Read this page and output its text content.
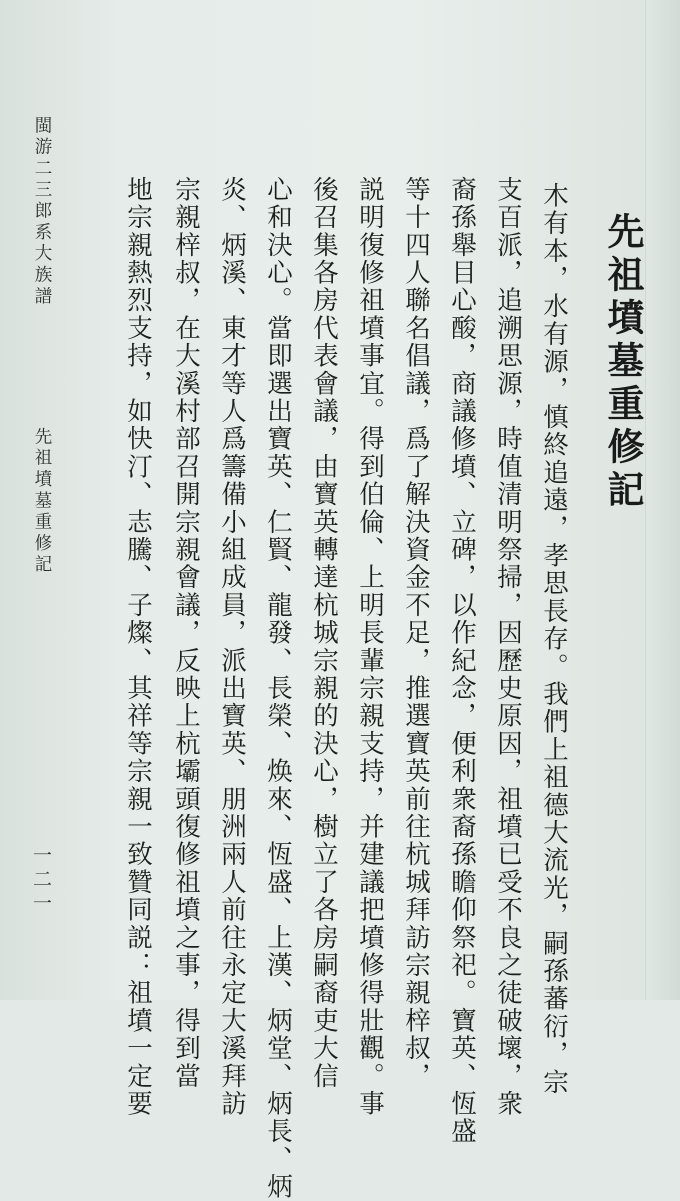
先祖墳墓重修記

木有本，水有源，慎終追遠，孝思長存。我們上祖德大流光，嗣孫蕃衍，宗

支百派，追溯思源，時值清明祭掃，因歷史原因，祖墳已受不良之徒破壞，衆

裔孫舉目心酸，商議修墳、立碑，以作紀念，便利衆裔孫瞻仰祭祀。寶英、恆盛

等十四人聯名倡議，爲了解決資金不足，推選寶英前往杭城拜訪宗親梓叔，

説明復修祖墳事宜。得到伯倫、上明長輩宗親支持，并建議把墳修得壯觀。事

後召集各房代表會議，由寶英轉達杭城宗親的決心，樹立了各房嗣裔吏大信

心和決心。當即選出寶英、仁賢、龍發、長榮、焕來、恆盛、上漢、炳堂、炳長、炳

炎、炳溪、東才等人爲籌備小組成員，派出寶英、朋洲兩人前往永定大溪拜訪

宗親梓叔，在大溪村部召開宗親會議，反映上杭壩頭復修祖墳之事，得到當

地宗親熱烈支持，如快汀、志騰、子燦、其祥等宗親一致贊同説：祖墳一定要

閩游二三郎系大族譜
先祖墳墓重修記
一二一
